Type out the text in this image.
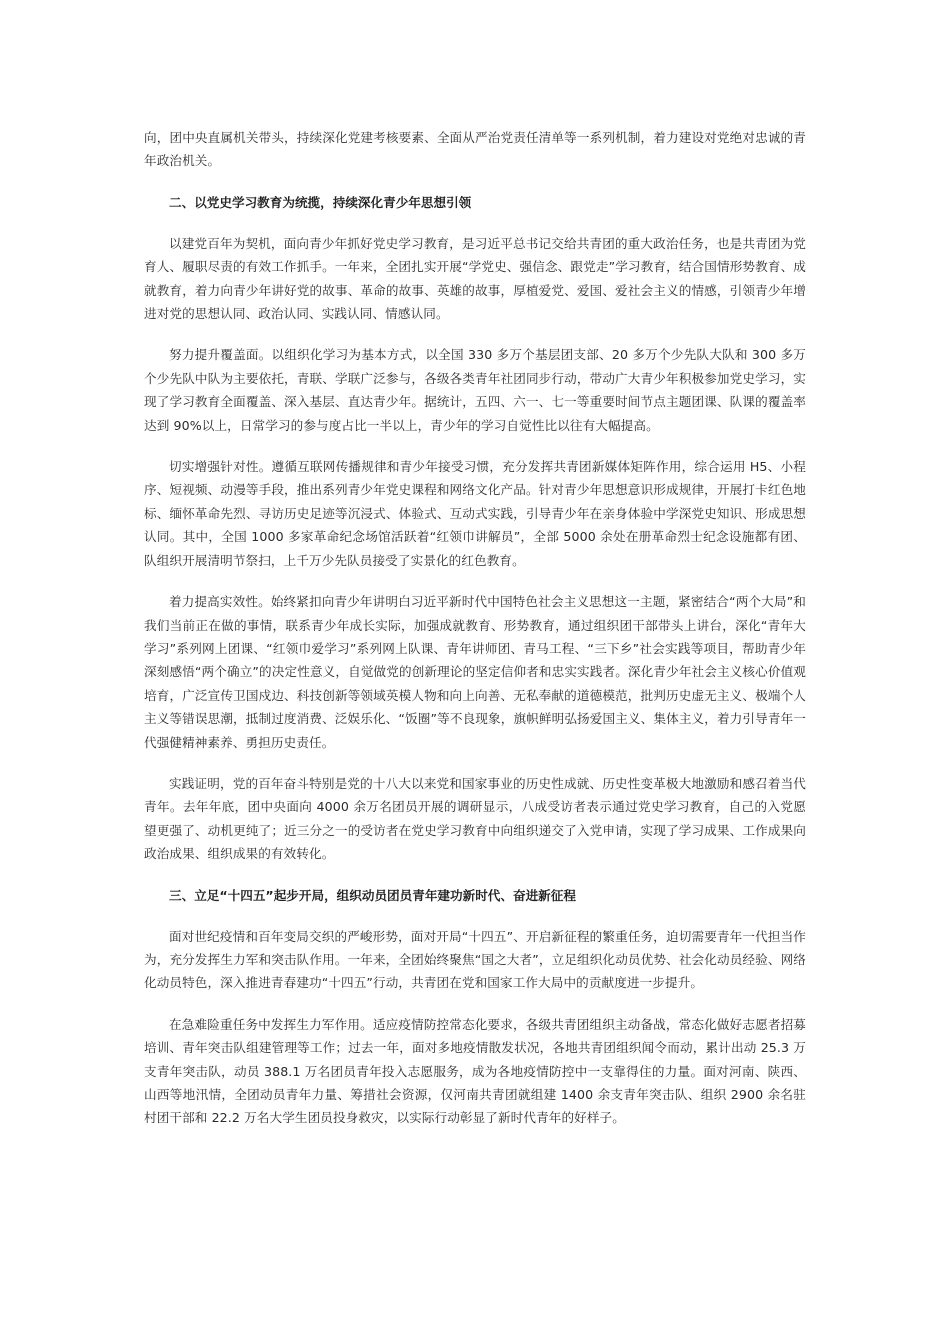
向，团中央直属机关带头，持续深化党建考核要素、全面从严治党责任清单等一系列机制，着力建设对党绝对忠诚的青年政治机关。

二、以党史学习教育为统揽，持续深化青少年思想引领

以建党百年为契机，面向青少年抓好党史学习教育，是习近平总书记交给共青团的重大政治任务，也是共青团为党育人、履职尽责的有效工作抓手。一年来，全团扎实开展“学党史、强信念、跟党走”学习教育，结合国情形势教育、成就教育，着力向青少年讲好党的故事、革命的故事、英雄的故事，厚植爱党、爱国、爱社会主义的情感，引领青少年增进对党的思想认同、政治认同、实践认同、情感认同。

努力提升覆盖面。以组织化学习为基本方式，以全国 330 多万个基层团支部、20 多万个少先队大队和 300 多万个少先队中队为主要依托，青联、学联广泛参与，各级各类青年社团同步行动，带动广大青少年积极参加党史学习，实现了学习教育全面覆盖、深入基层、直达青少年。据统计，五四、六一、七一等重要时间节点主题团课、队课的覆盖率达到 90%以上，日常学习的参与度占比一半以上，青少年的学习自觉性比以往有大幅提高。

切实增强针对性。遵循互联网传播规律和青少年接受习惯，充分发挥共青团新媒体矩阵作用，综合运用 H5、小程序、短视频、动漫等手段，推出系列青少年党史课程和网络文化产品。针对青少年思想意识形成规律，开展打卡红色地标、缅怀革命先烈、寻访历史足迹等沉浸式、体验式、互动式实践，引导青少年在亲身体验中学深党史知识、形成思想认同。其中，全国 1000 多家革命纪念场馆活跃着“红领巾讲解员”，全部 5000 余处在册革命烈士纪念设施都有团、队组织开展清明节祭扫，上千万少先队员接受了实景化的红色教育。

着力提高实效性。始终紧扣向青少年讲明白习近平新时代中国特色社会主义思想这一主题，紧密结合“两个大局”和我们当前正在做的事情，联系青少年成长实际，加强成就教育、形势教育，通过组织团干部带头上讲台，深化“青年大学习”系列网上团课、“红领巾爱学习”系列网上队课、青年讲师团、青马工程、“三下乡”社会实践等项目，帮助青少年深刻感悟“两个确立”的决定性意义，自觉做党的创新理论的坚定信仰者和忠实实践者。深化青少年社会主义核心价值观培育，广泛宣传卫国戍边、科技创新等领域英模人物和向上向善、无私奉献的道德模范，批判历史虚无主义、极端个人主义等错误思潮，抵制过度消费、泛娱乐化、“饭圈”等不良现象，旗帜鲜明弘扬爱国主义、集体主义，着力引导青年一代强健精神素养、勇担历史责任。

实践证明，党的百年奋斗特别是党的十八大以来党和国家事业的历史性成就、历史性变革极大地激励和感召着当代青年。去年年底，团中央面向 4000 余万名团员开展的调研显示，八成受访者表示通过党史学习教育，自己的入党愿望更强了、动机更纯了；近三分之一的受访者在党史学习教育中向组织递交了入党申请，实现了学习成果、工作成果向政治成果、组织成果的有效转化。

三、立足“十四五”起步开局，组织动员团员青年建功新时代、奋进新征程

面对世纪疫情和百年变局交织的严峻形势，面对开局“十四五”、开启新征程的繁重任务，迫切需要青年一代担当作为，充分发挥生力军和突击队作用。一年来，全团始终聚焦“国之大者”，立足组织化动员优势、社会化动员经验、网络化动员特色，深入推进青春建功“十四五”行动，共青团在党和国家工作大局中的贡献度进一步提升。

在急难险重任务中发挥生力军作用。适应疫情防控常态化要求，各级共青团组织主动备战，常态化做好志愿者招募培训、青年突击队组建管理等工作；过去一年，面对多地疫情散发状况，各地共青团组织闻令而动，累计出动 25.3 万支青年突击队，动员 388.1 万名团员青年投入志愿服务，成为各地疫情防控中一支靠得住的力量。面对河南、陕西、山西等地汛情，全团动员青年力量、筹措社会资源，仅河南共青团就组建 1400 余支青年突击队、组织 2900 余名驻村团干部和 22.2 万名大学生团员投身救灾，以实际行动彰显了新时代青年的好样子。
